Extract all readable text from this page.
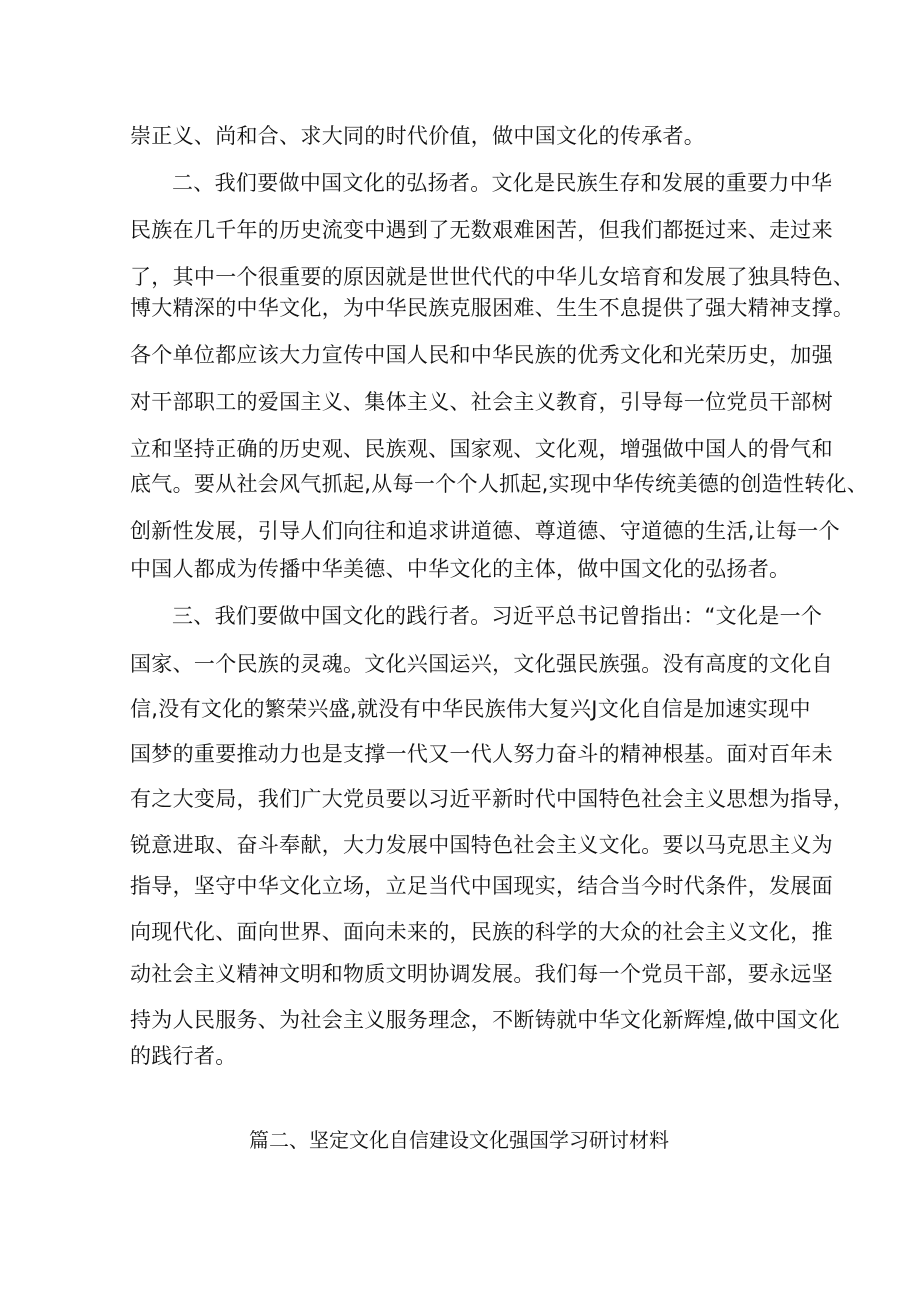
崇正义、尚和合、求大同的时代价值，做中国文化的传承者。
二、我们要做中国文化的弘扬者。文化是民族生存和发展的重要力中华
民族在几千年的历史流变中遇到了无数艰难困苦，但我们都挺过来、走过来
了，其中一个很重要的原因就是世世代代的中华儿女培育和发展了独具特色、
博大精深的中华文化，为中华民族克服困难、生生不息提供了强大精神支撑。
各个单位都应该大力宣传中国人民和中华民族的优秀文化和光荣历史，加强
对干部职工的爱国主义、集体主义、社会主义教育，引导每一位党员干部树
立和坚持正确的历史观、民族观、国家观、文化观，增强做中国人的骨气和
底气。要从社会风气抓起,从每一个个人抓起,实现中华传统美德的创造性转化、
创新性发展，引导人们向往和追求讲道德、尊道德、守道德的生活,让每一个
中国人都成为传播中华美德、中华文化的主体，做中国文化的弘扬者。
三、我们要做中国文化的践行者。习近平总书记曾指出：“文化是一个
国家、一个民族的灵魂。文化兴国运兴，文化强民族强。没有高度的文化自
信,没有文化的繁荣兴盛,就没有中华民族伟大复兴J文化自信是加速实现中
国梦的重要推动力也是支撑一代又一代人努力奋斗的精神根基。面对百年未
有之大变局，我们广大党员要以习近平新时代中国特色社会主义思想为指导，
锐意进取、奋斗奉献，大力发展中国特色社会主义文化。要以马克思主义为
指导，坚守中华文化立场，立足当代中国现实，结合当今时代条件，发展面
向现代化、面向世界、面向未来的，民族的科学的大众的社会主义文化，推
动社会主义精神文明和物质文明协调发展。我们每一个党员干部，要永远坚
持为人民服务、为社会主义服务理念，不断铸就中华文化新辉煌,做中国文化
的践行者。
篇二、坚定文化自信建设文化强国学习研讨材料
